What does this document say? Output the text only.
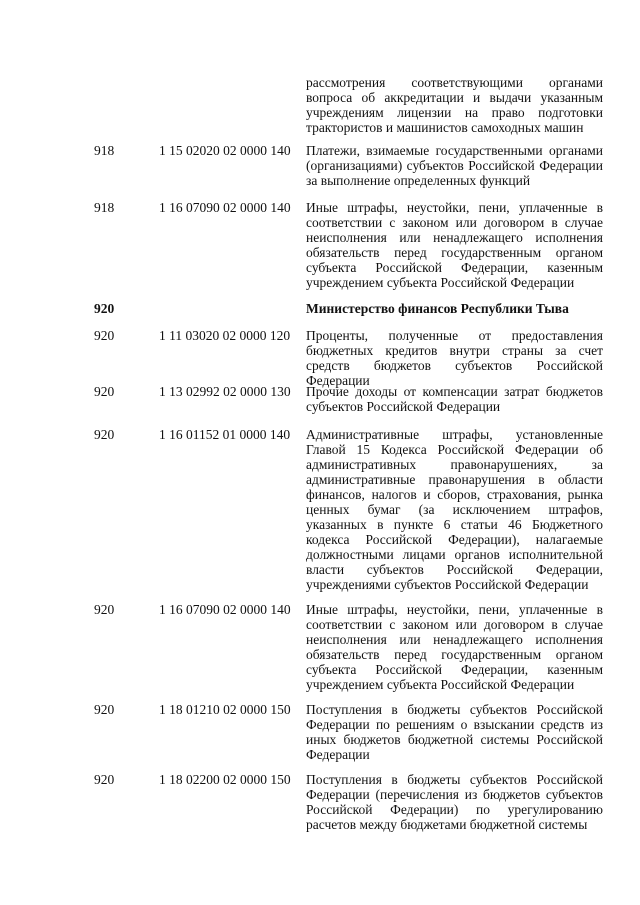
рассмотрения соответствующими органами вопроса об аккредитации и выдачи указанным учреждениям лицензии на право подготовки трактористов и машинистов самоходных машин
918	1 15 02020 02 0000 140 Платежи, взимаемые государственными органами (организациями) субъектов Российской Федерации за выполнение определенных функций
918	1 16 07090 02 0000 140 Иные штрафы, неустойки, пени, уплаченные в соответствии с законом или договором в случае неисполнения или ненадлежащего исполнения обязательств перед государственным органом субъекта Российской Федерации, казенным учреждением субъекта Российской Федерации
920	Министерство финансов Республики Тыва
920	1 11 03020 02 0000 120 Проценты, полученные от предоставления бюджетных кредитов внутри страны за счет средств бюджетов субъектов Российской Федерации
920	1 13 02992 02 0000 130 Прочие доходы от компенсации затрат бюджетов субъектов Российской Федерации
920	1 16 01152 01 0000 140 Административные штрафы, установленные Главой 15 Кодекса Российской Федерации об административных правонарушениях, за административные правонарушения в области финансов, налогов и сборов, страхования, рынка ценных бумаг (за исключением штрафов, указанных в пункте 6 статьи 46 Бюджетного кодекса Российской Федерации), налагаемые должностными лицами органов исполнительной власти субъектов Российской Федерации, учреждениями субъектов Российской Федерации
920	1 16 07090 02 0000 140 Иные штрафы, неустойки, пени, уплаченные в соответствии с законом или договором в случае неисполнения или ненадлежащего исполнения обязательств перед государственным органом субъекта Российской Федерации, казенным учреждением субъекта Российской Федерации
920	1 18 01210 02 0000 150 Поступления в бюджеты субъектов Российской Федерации по решениям о взыскании средств из иных бюджетов бюджетной системы Российской Федерации
920	1 18 02200 02 0000 150 Поступления в бюджеты субъектов Российской Федерации (перечисления из бюджетов субъектов Российской Федерации) по урегулированию расчетов между бюджетами бюджетной системы
